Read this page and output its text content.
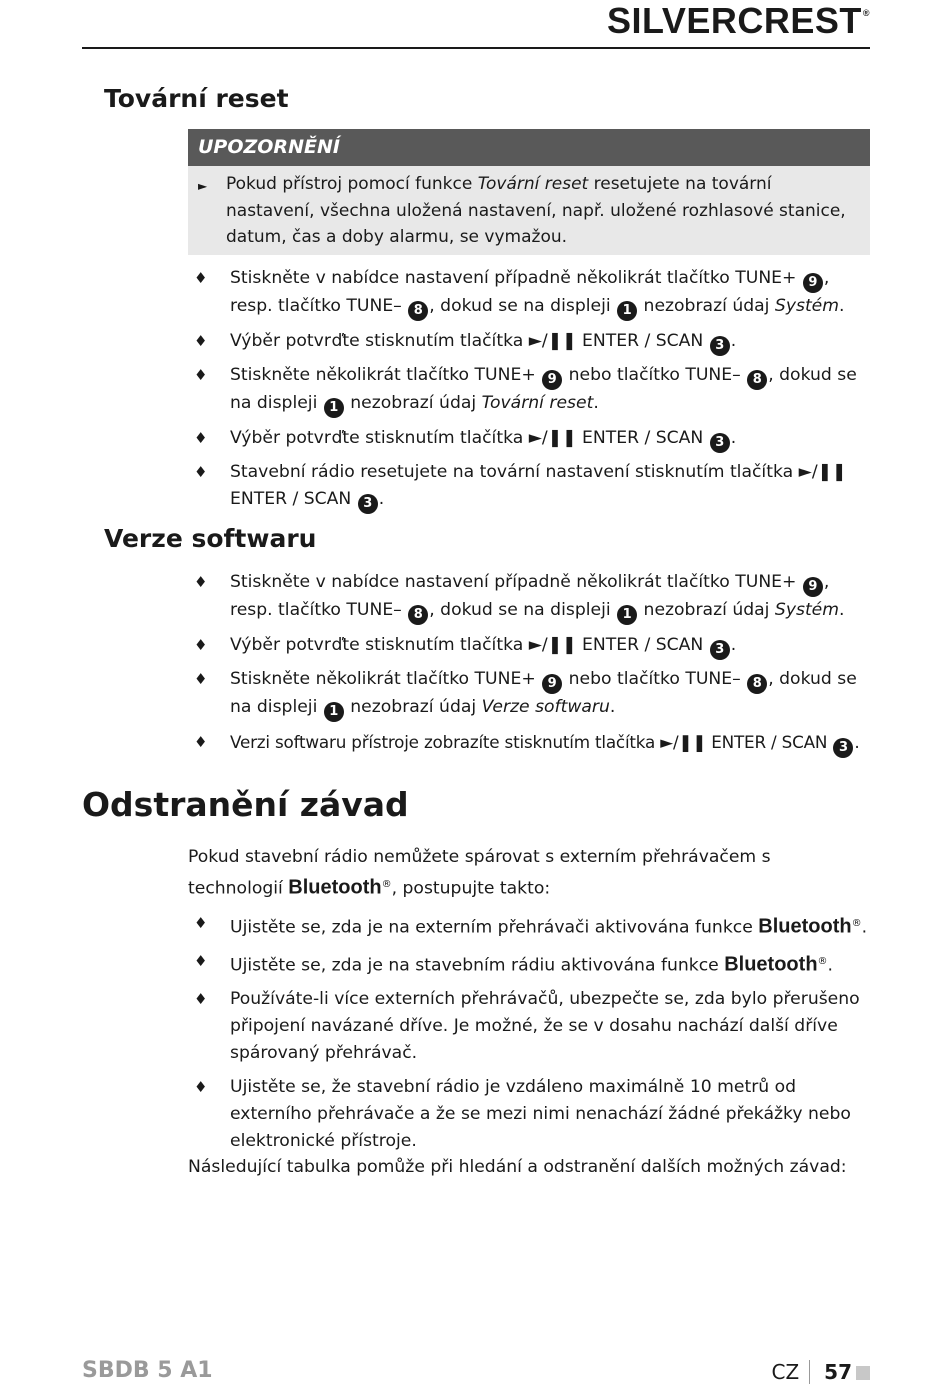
SILVERCREST®
Tovární reset
UPOZORNĚNÍ
► Pokud přístroj pomocí funkce Tovární reset resetujete na tovární nastavení, všechna uložená nastavení, např. uložené rozhlasové stanice, datum, čas a doby alarmu, se vymažou.
♦ Stiskněte v nabídce nastavení případně několikrát tlačítko TUNE+ 9 , resp. tlačítko TUNE– 8 , dokud se na displeji 1 nezobrazí údaj Systém.
♦ Výběr potvrďte stisknutím tlačítka ►/❚❚ ENTER / SCAN 3 .
♦ Stiskněte několikrát tlačítko TUNE+ 9 nebo tlačítko TUNE– 8 , dokud se na displeji 1 nezobrazí údaj Tovární reset.
♦ Výběr potvrďte stisknutím tlačítka ►/❚❚ ENTER / SCAN 3 .
♦ Stavební rádio resetujete na tovární nastavení stisknutím tlačítka ►/❚❚ ENTER / SCAN 3 .
Verze softwaru
♦ Stiskněte v nabídce nastavení případně několikrát tlačítko TUNE+ 9 , resp. tlačítko TUNE– 8 , dokud se na displeji 1 nezobrazí údaj Systém.
♦ Výběr potvrďte stisknutím tlačítka ►/❚❚ ENTER / SCAN 3 .
♦ Stiskněte několikrát tlačítko TUNE+ 9 nebo tlačítko TUNE– 8 , dokud se na displeji 1 nezobrazí údaj Verze softwaru.
♦ Verzi softwaru přístroje zobrazíte stisknutím tlačítka ►/❚❚ ENTER / SCAN 3 .
Odstranění závad

Pokud stavební rádio nemůžete spárovat s externím přehrávačem s technologií Bluetooth®, postupujte takto:

♦ Ujistěte se, zda je na externím přehrávači aktivována funkce Bluetooth®.
♦ Ujistěte se, zda je na stavebním rádiu aktivována funkce Bluetooth®.
♦ Používáte-li více externích přehrávačů, ubezpečte se, zda bylo přerušeno připojení navázané dříve. Je možné, že se v dosahu nachází další dříve spárovaný přehrávač.
♦ Ujistěte se, že stavební rádio je vzdáleno maximálně 10 metrů od externího přehrávače a že se mezi nimi nenachází žádné překážky nebo elektronické přístroje.

Následující tabulka pomůže při hledání a odstranění dalších možných závad:

SBDB 5 A1	CZ 57
